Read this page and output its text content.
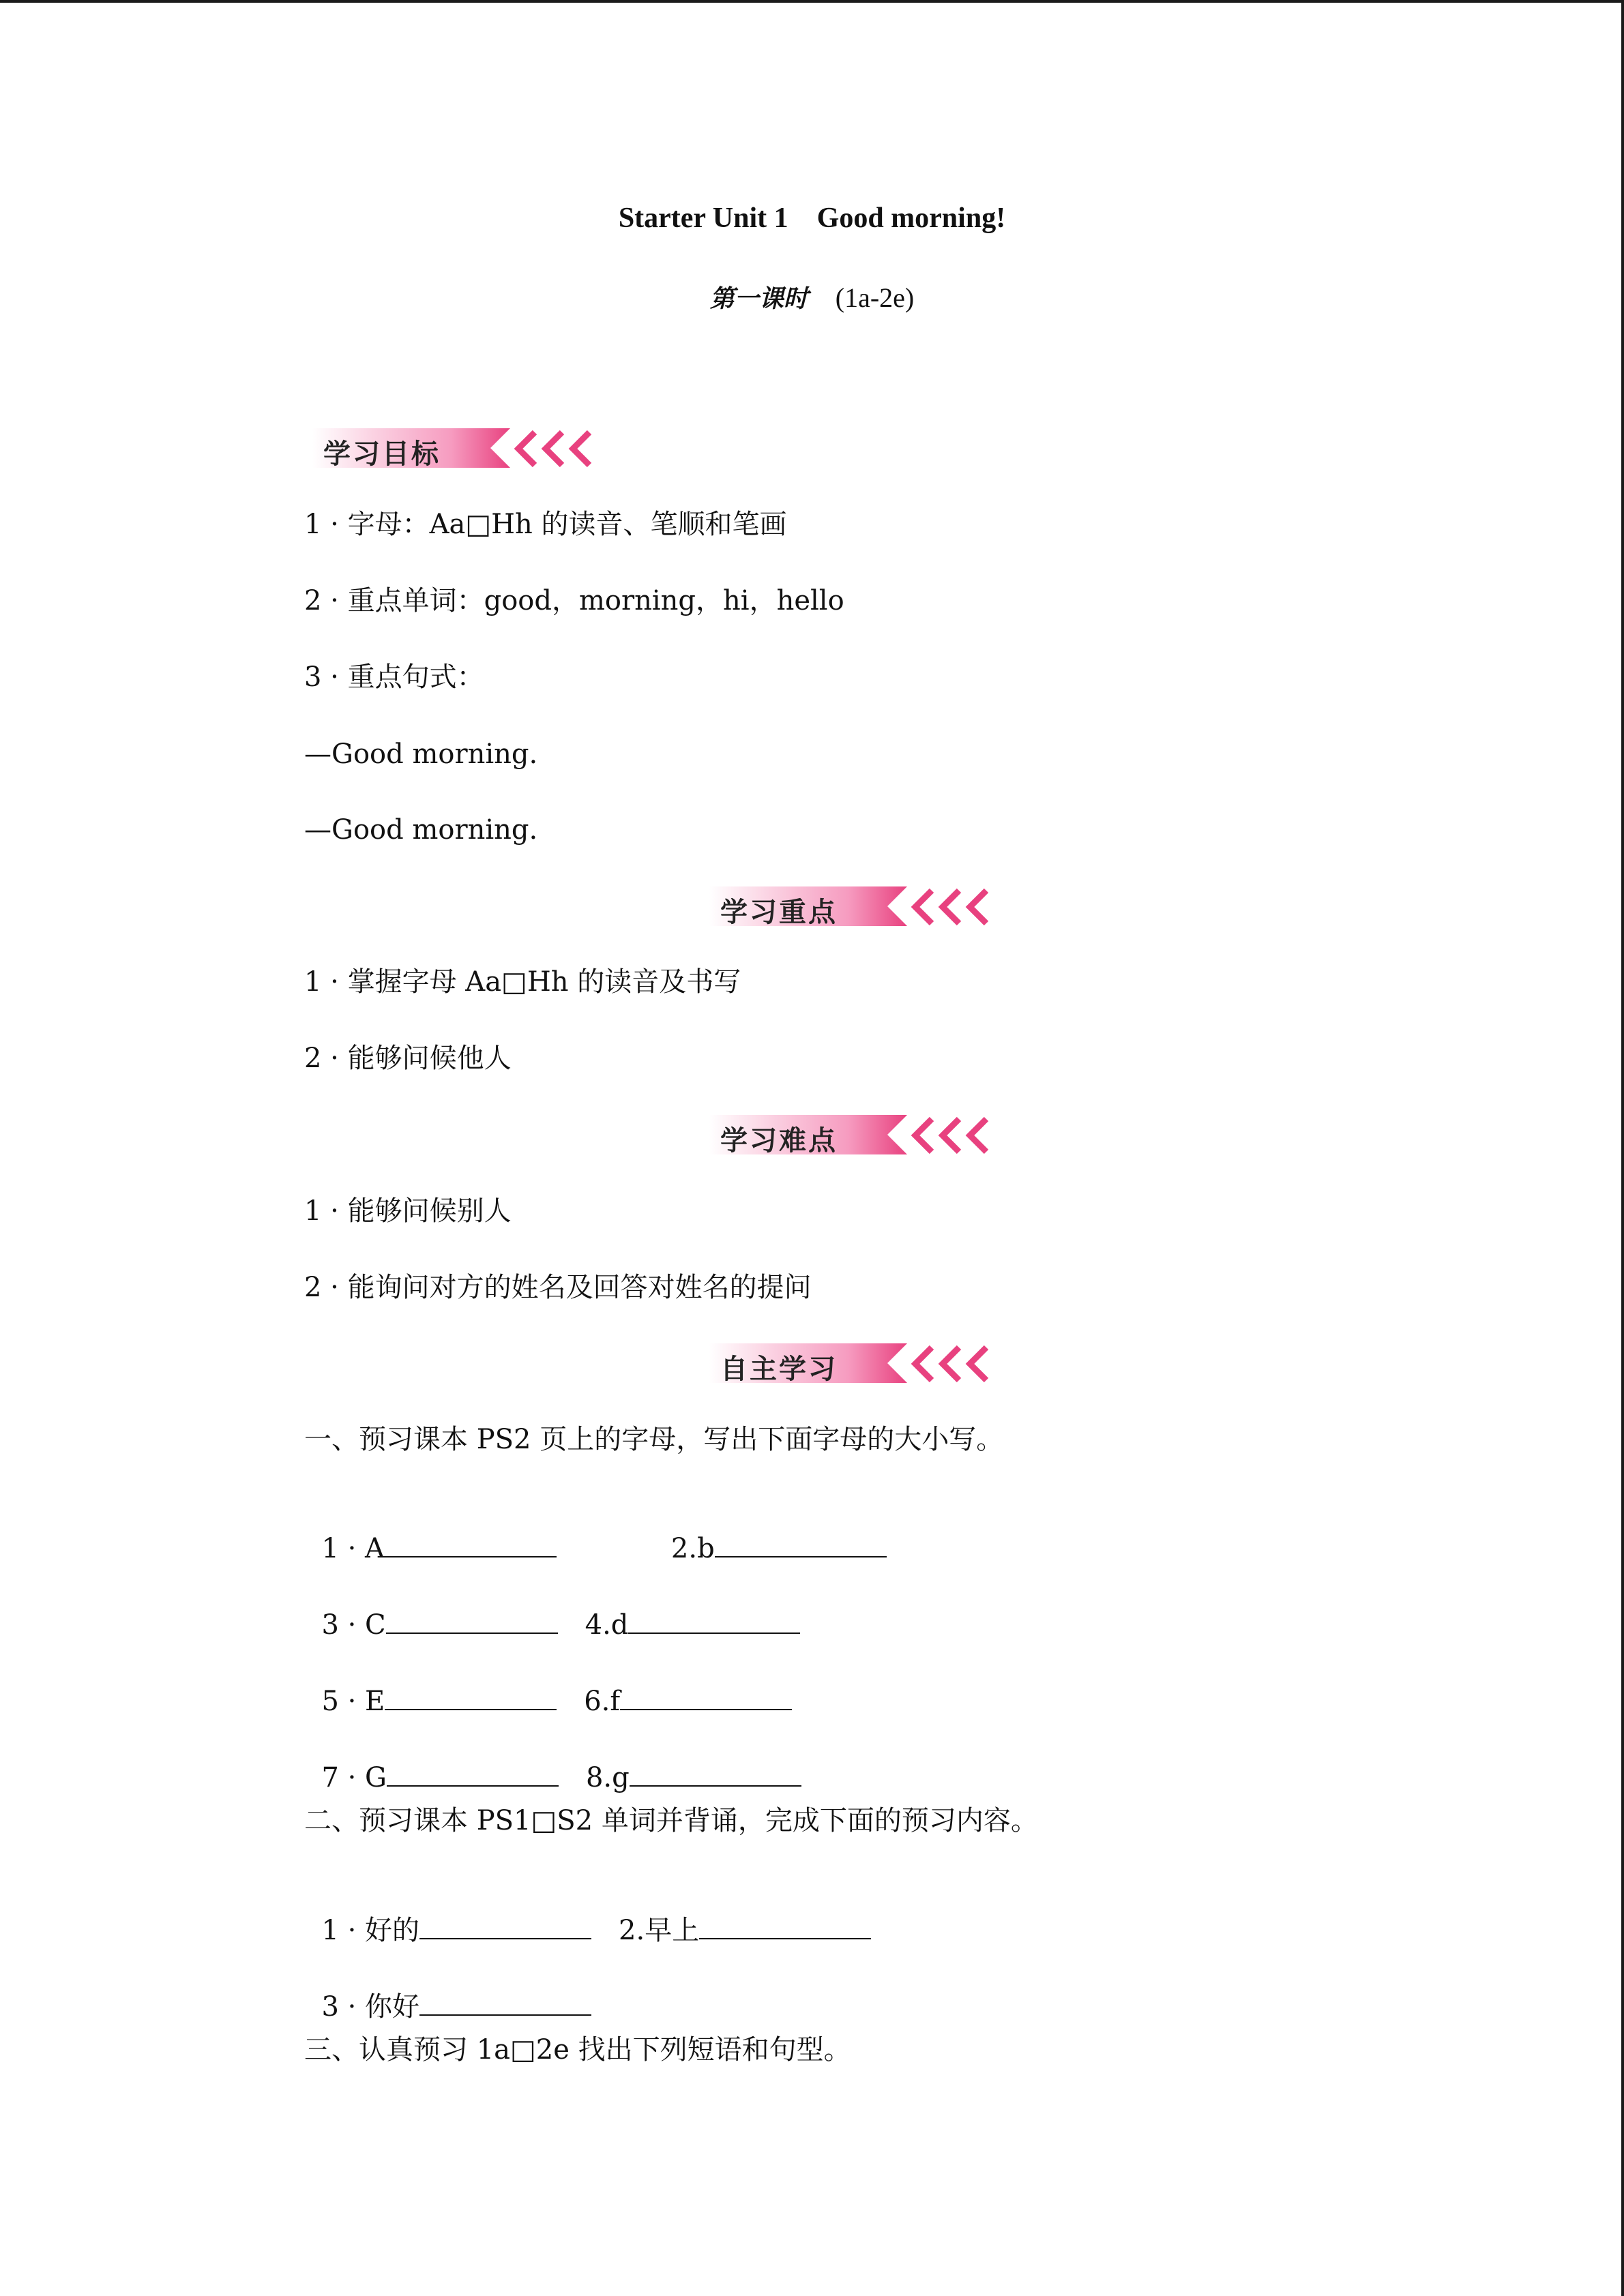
Starter Unit 1    Good morning!
第一课时 (1a-2e)
学习目标
1 · 字母：Aa□Hh 的读音、笔顺和笔画
2 · 重点单词：good，morning，hi，hello
3 · 重点句式：
—Good morning.
—Good morning.
学习重点
1 · 掌握字母 Aa□Hh 的读音及书写
2 · 能够问候他人
学习难点
1 · 能够问候别人
2 · 能询问对方的姓名及回答对姓名的提问
自主学习
一、预习课本 PS2 页上的字母，写出下面字母的大小写。

1 · A	2.b

3 · C	4.d

5 · E	6.f

7 · G	8.g

二、预习课本 PS1□S2 单词并背诵，完成下面的预习内容。

1 · 好的	2.早上

3 · 你好

三、认真预习 1a□2e 找出下列短语和句型。
